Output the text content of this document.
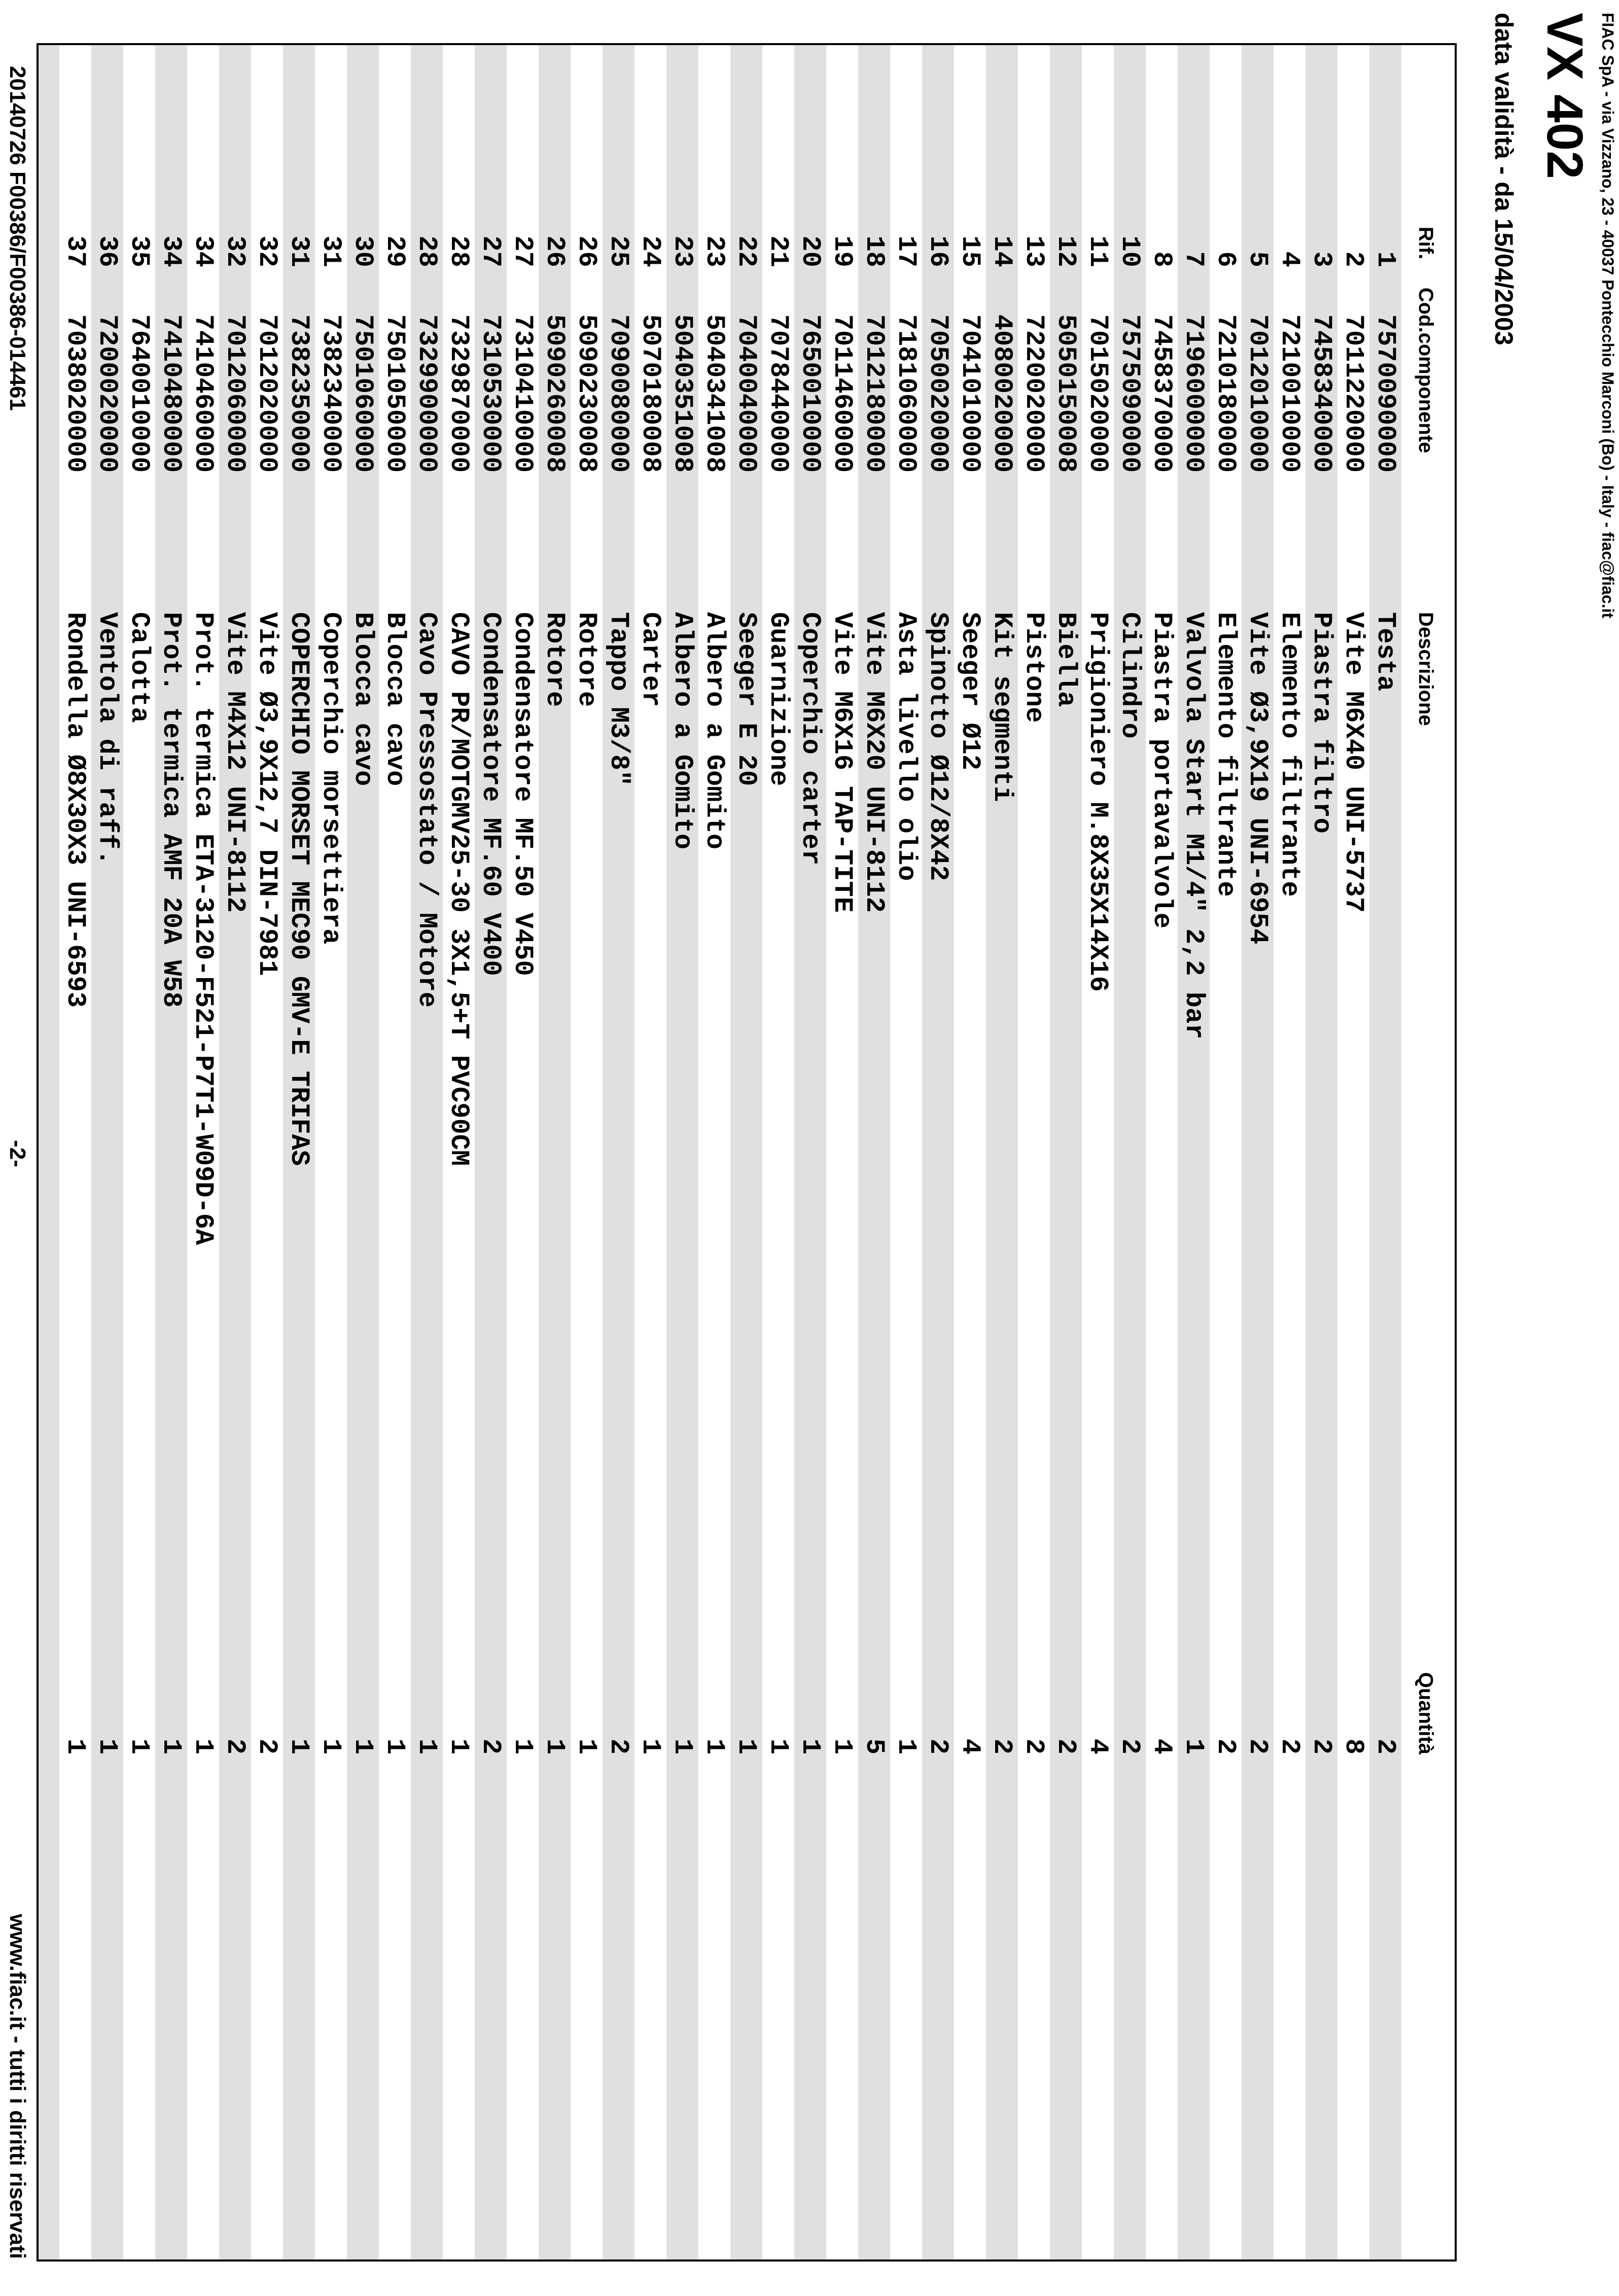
FIAC SpA - via Vizzano, 23 - 40037 Pontecchio Marconi (Bo) - Italy - fiac@fiac.it
VX 402
data validità - da 15/04/2003
Rif.
Cod.componente
Descrizione
Quantità
1
7570090000
Testa
2
2
7011220000
Vite M6X40 UNI-5737
8
3
7458340000
Piastra filtro
2
4
7210010000
Elemento filtrante
2
5
7012010000
Vite Ø3,9X19 UNI-6954
2
6
7210180000
Elemento filtrante
2
7
7196000000
Valvola Start M1/4" 2,2 bar
1
8
7458370000
Piastra portavalvole
4
10
7575090000
Cilindro
2
11
7015020000
Prigioniero M.8X35X14X16
4
12
5050150008
Biella
2
13
7220020000
Pistone
2
14
4080020000
Kit segmenti
2
15
7041010000
Seeger Ø12
4
16
7050020000
Spinotto Ø12/8X42
2
17
7181060000
Asta livello olio
1
18
7012180000
Vite M6X20 UNI-8112
5
19
7011460000
Vite M6X16 TAP-TITE
1
20
7650010000
Coperchio carter
1
21
7078440000
Guarnizione
1
22
7040040000
Seeger E 20
1
23
5040341008
Albero a Gomito
1
23
5040351008
Albero a Gomito
1
24
5070180008
Carter
1
25
7090080000
Tappo M3/8"
2
26
5090230008
Rotore
1
26
5090260008
Rotore
1
27
7310410000
Condensatore MF.50 V450
1
27
7310530000
Condensatore MF.60 V400
2
28
7329870000
CAVO PR/MOTGMV25-30 3X1,5+T PVC90CM
1
28
7329900000
Cavo Pressostato / Motore
1
29
7501050000
Blocca cavo
1
30
7501060000
Blocca cavo
1
31
7382340000
Coperchio morsettiera
1
31
7382350000
COPERCHIO MORSET MEC90 GMV-E TRIFAS
1
32
7012020000
Vite Ø3,9X12,7 DIN-7981
2
32
7012060000
Vite M4X12 UNI-8112
2
34
7410460000
Prot. termica ETA-3120-F521-P7T1-W09D-6A
1
34
7410480000
Prot. termica AMF 20A W58
1
35
7640010000
Calotta
1
36
7200020000
Ventola di raff.
1
37
7038020000
Rondella Ø8X30X3 UNI-6593
1
20140726 F00386/F00386-014461
-2-
www.fiac.it - tutti i diritti riservati
